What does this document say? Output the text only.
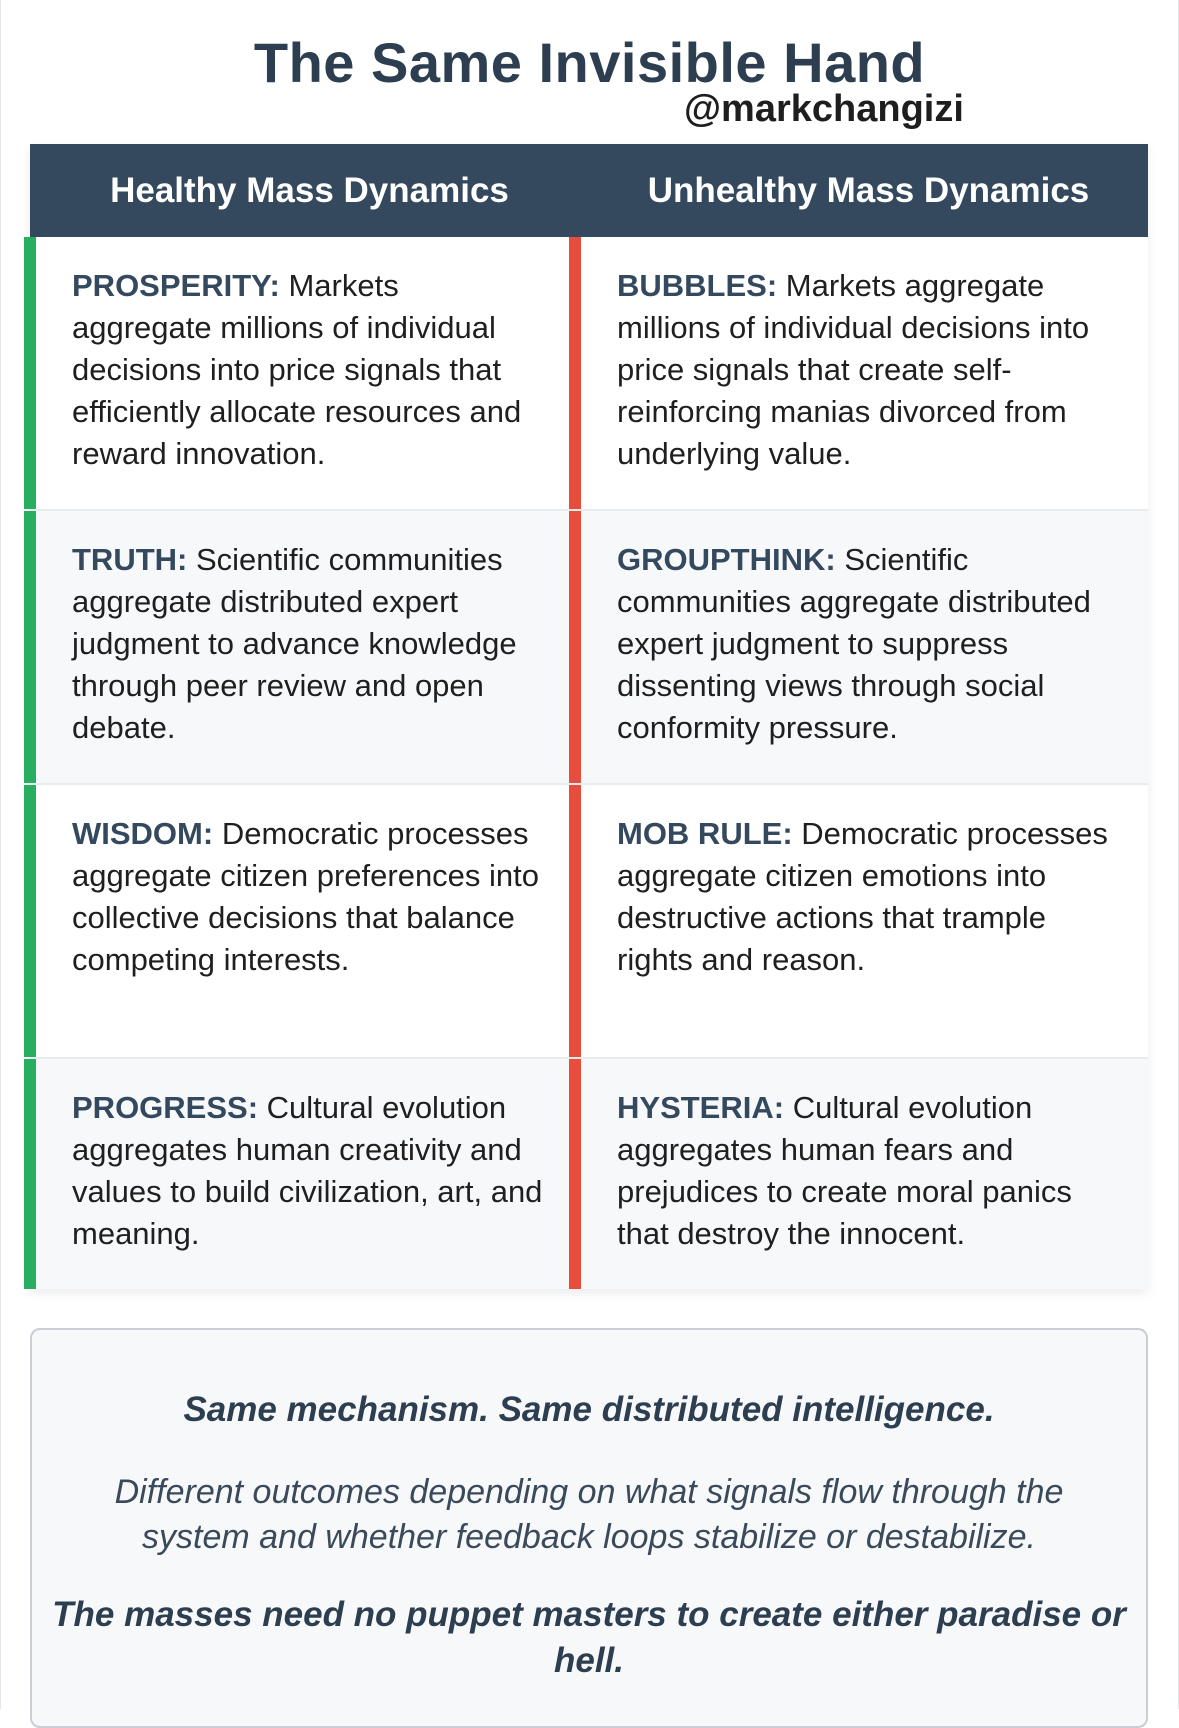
The Same Invisible Hand
@markchangizi
Healthy Mass Dynamics	Unhealthy Mass Dynamics
PROSPERITY: Markets aggregate millions of individual decisions into price signals that efficiently allocate resources and reward innovation.
BUBBLES: Markets aggregate millions of individual decisions into price signals that create self-reinforcing manias divorced from underlying value.
TRUTH: Scientific communities aggregate distributed expert judgment to advance knowledge through peer review and open debate.
GROUPTHINK: Scientific communities aggregate distributed expert judgment to suppress dissenting views through social conformity pressure.
WISDOM: Democratic processes aggregate citizen preferences into collective decisions that balance competing interests.
MOB RULE: Democratic processes aggregate citizen emotions into destructive actions that trample rights and reason.
PROGRESS: Cultural evolution aggregates human creativity and values to build civilization, art, and meaning.
HYSTERIA: Cultural evolution aggregates human fears and prejudices to create moral panics that destroy the innocent.
Same mechanism. Same distributed intelligence.
Different outcomes depending on what signals flow through the system and whether feedback loops stabilize or destabilize.
The masses need no puppet masters to create either paradise or hell.
